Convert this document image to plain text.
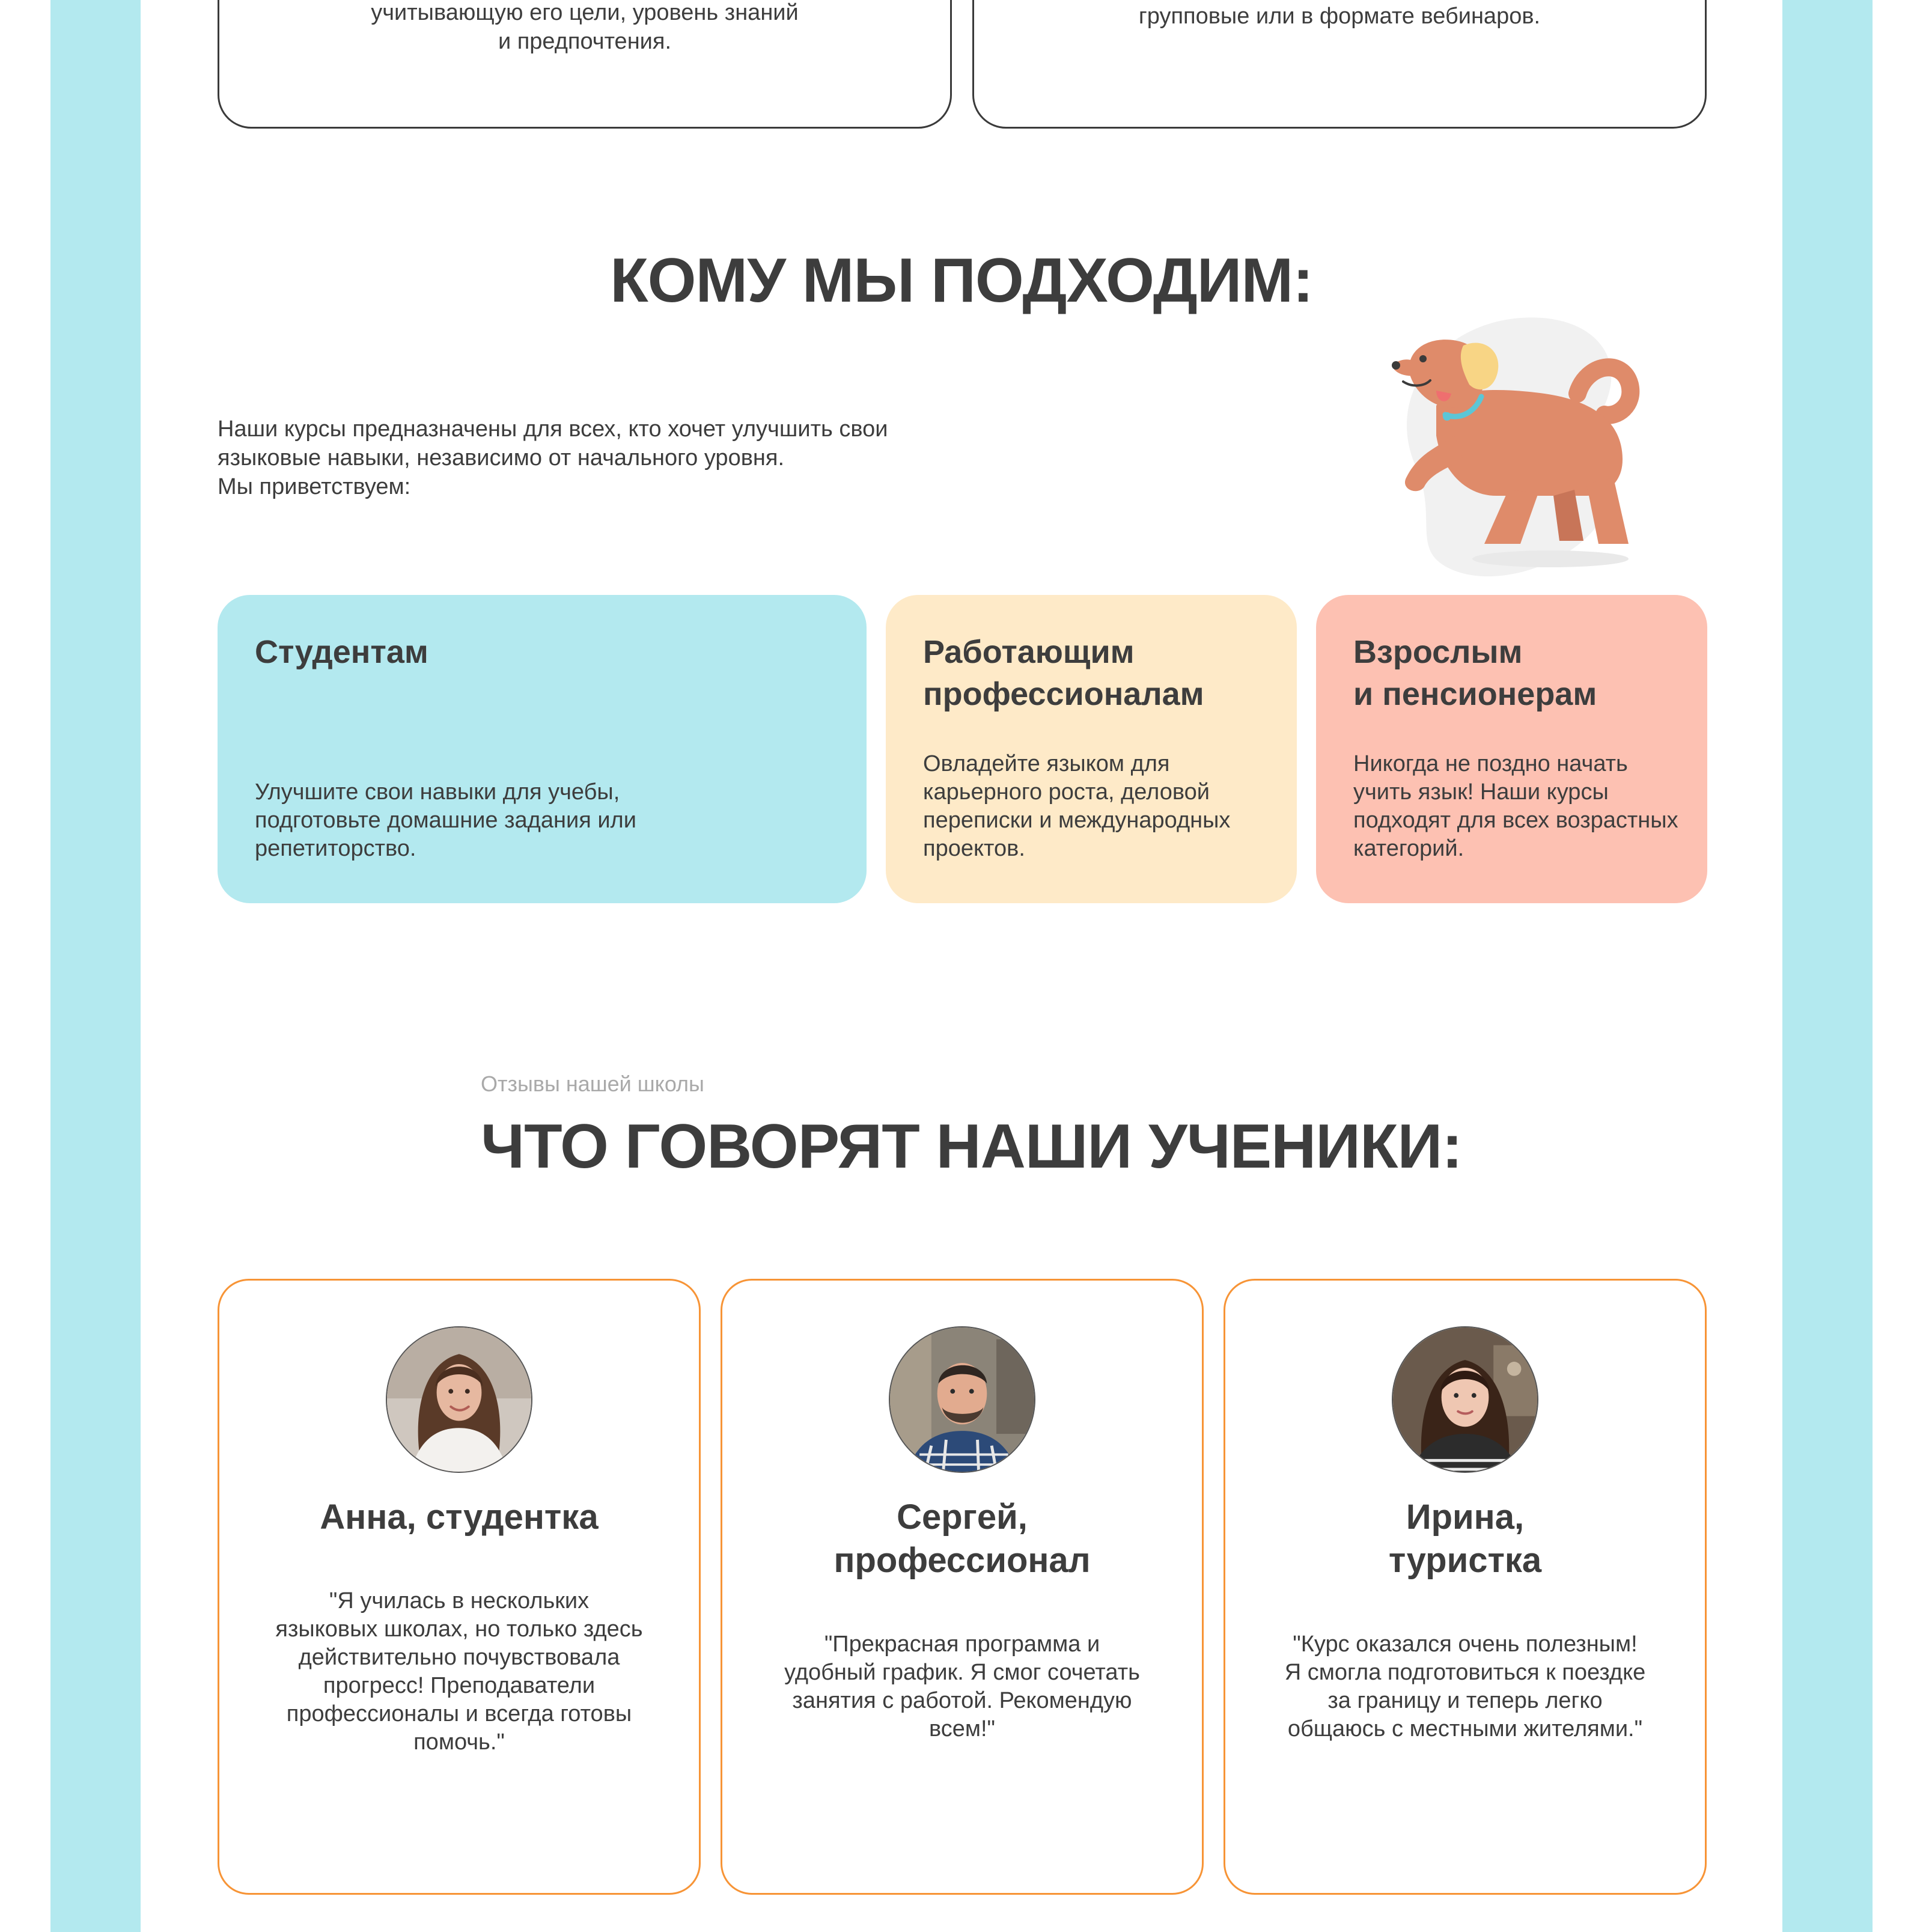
учитывающую его цели, уровень знаний
и предпочтения.
групповые или в формате вебинаров.
КОМУ МЫ ПОДХОДИМ:
Наши курсы предназначены для всех, кто хочет улучшить свои
языковые навыки, независимо от начального уровня.
Мы приветствуем:
Студентам
Улучшите свои навыки для учебы,
подготовьте домашние задания или
репетиторство.
Работающим
профессионалам
Овладейте языком для
карьерного роста, деловой
переписки и международных
проектов.
Взрослым
и пенсионерам
Никогда не поздно начать
учить язык! Наши курсы
подходят для всех возрастных
категорий.
Отзывы нашей школы
ЧТО ГОВОРЯТ НАШИ УЧЕНИКИ:
Анна, студентка
"Я училась в нескольких
языковых школах, но только здесь
действительно почувствовала
прогресс! Преподаватели
профессионалы и всегда готовы
помочь."
Сергей,
профессионал
"Прекрасная программа и
удобный график. Я смог сочетать
занятия с работой. Рекомендую
всем!"
Ирина,
туристка
"Курс оказался очень полезным!
Я смогла подготовиться к поездке
за границу и теперь легко
общаюсь с местными жителями."
